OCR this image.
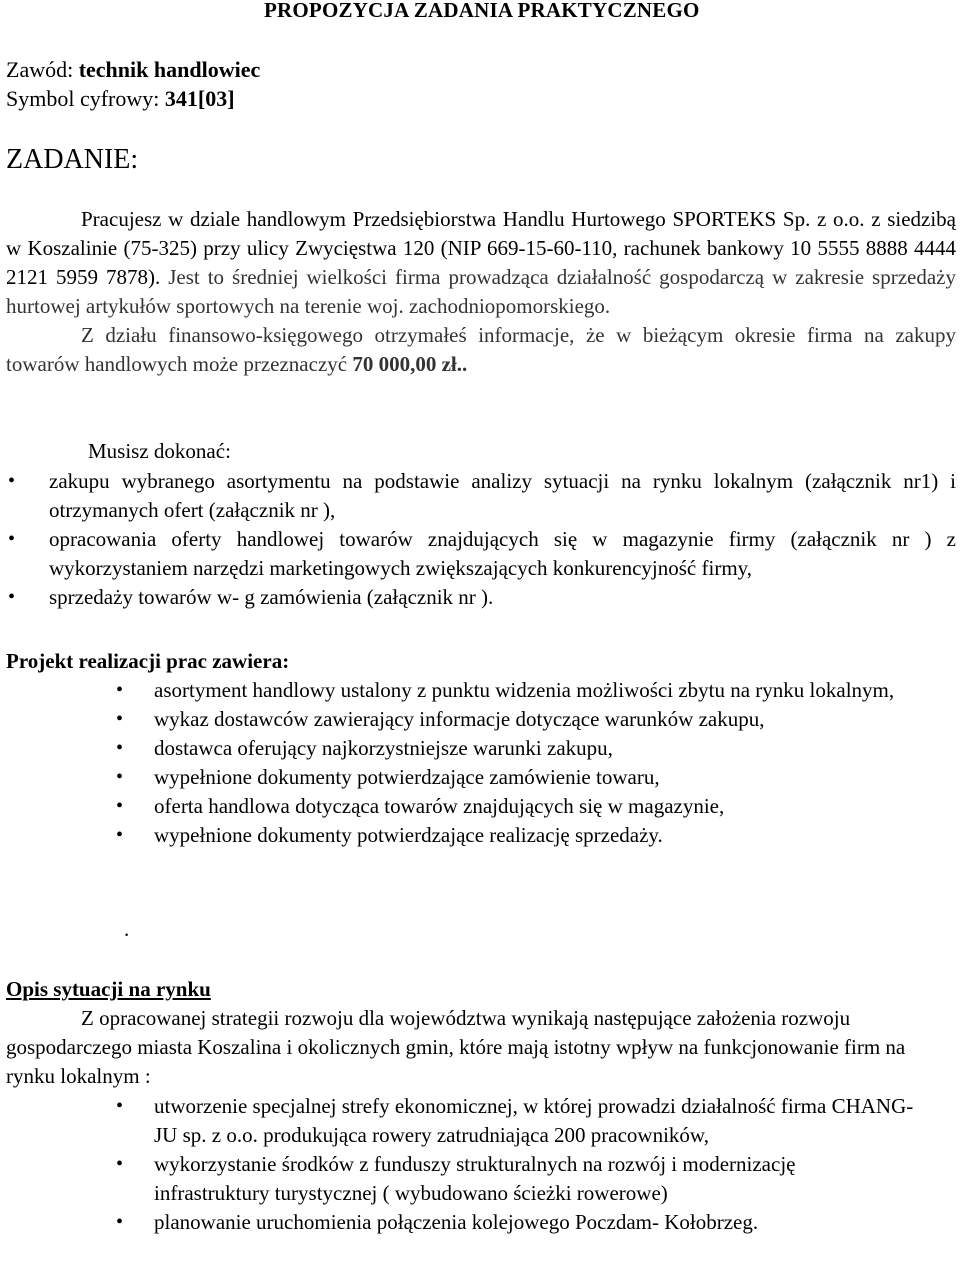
PROPOZYCJA ZADANIA PRAKTYCZNEGO
Zawód: technik handlowiec
Symbol cyfrowy: 341[03]
ZADANIE:

Pracujesz w dziale handlowym Przedsiębiorstwa Handlu Hurtowego SPORTEKS Sp. z o.o. z siedzibą w Koszalinie (75-325) przy ulicy Zwycięstwa 120 (NIP 669-15-60-110, rachunek bankowy 10 5555 8888 4444 2121 5959 7878). Jest to średniej wielkości firma prowadząca działalność gospodarczą w zakresie sprzedaży hurtowej artykułów sportowych na terenie woj. zachodniopomorskiego.

Z działu finansowo-księgowego otrzymałeś informacje, że w bieżącym okresie firma na zakupy towarów handlowych może przeznaczyć 70 000,00 zł..

Musisz dokonać:
• zakupu wybranego asortymentu na podstawie analizy sytuacji na rynku lokalnym (załącznik nr1) i otrzymanych ofert (załącznik nr ),
• opracowania oferty handlowej towarów znajdujących się w magazynie firmy (załącznik nr ) z wykorzystaniem narzędzi marketingowych zwiększających konkurencyjność firmy,
• sprzedaży towarów w- g zamówienia (załącznik nr ).
Projekt realizacji prac zawiera:
• asortyment handlowy ustalony z punktu widzenia możliwości zbytu na rynku lokalnym,
• wykaz dostawców zawierający informacje dotyczące warunków zakupu,
• dostawca oferujący najkorzystniejsze warunki zakupu,
• wypełnione dokumenty potwierdzające zamówienie towaru,
• oferta handlowa dotycząca towarów znajdujących się w magazynie,
• wypełnione dokumenty potwierdzające realizację sprzedaży.
.
Opis sytuacji na rynku

Z opracowanej strategii rozwoju dla województwa wynikają następujące założenia rozwoju gospodarczego miasta Koszalina i okolicznych gmin, które mają istotny wpływ na funkcjonowanie firm na rynku lokalnym :

• utworzenie specjalnej strefy ekonomicznej, w której prowadzi działalność firma CHANG- JU sp. z o.o. produkująca rowery zatrudniająca 200 pracowników,
• wykorzystanie środków z funduszy strukturalnych na rozwój i modernizację infrastruktury turystycznej ( wybudowano ścieżki rowerowe)
• planowanie uruchomienia połączenia kolejowego Poczdam- Kołobrzeg.
